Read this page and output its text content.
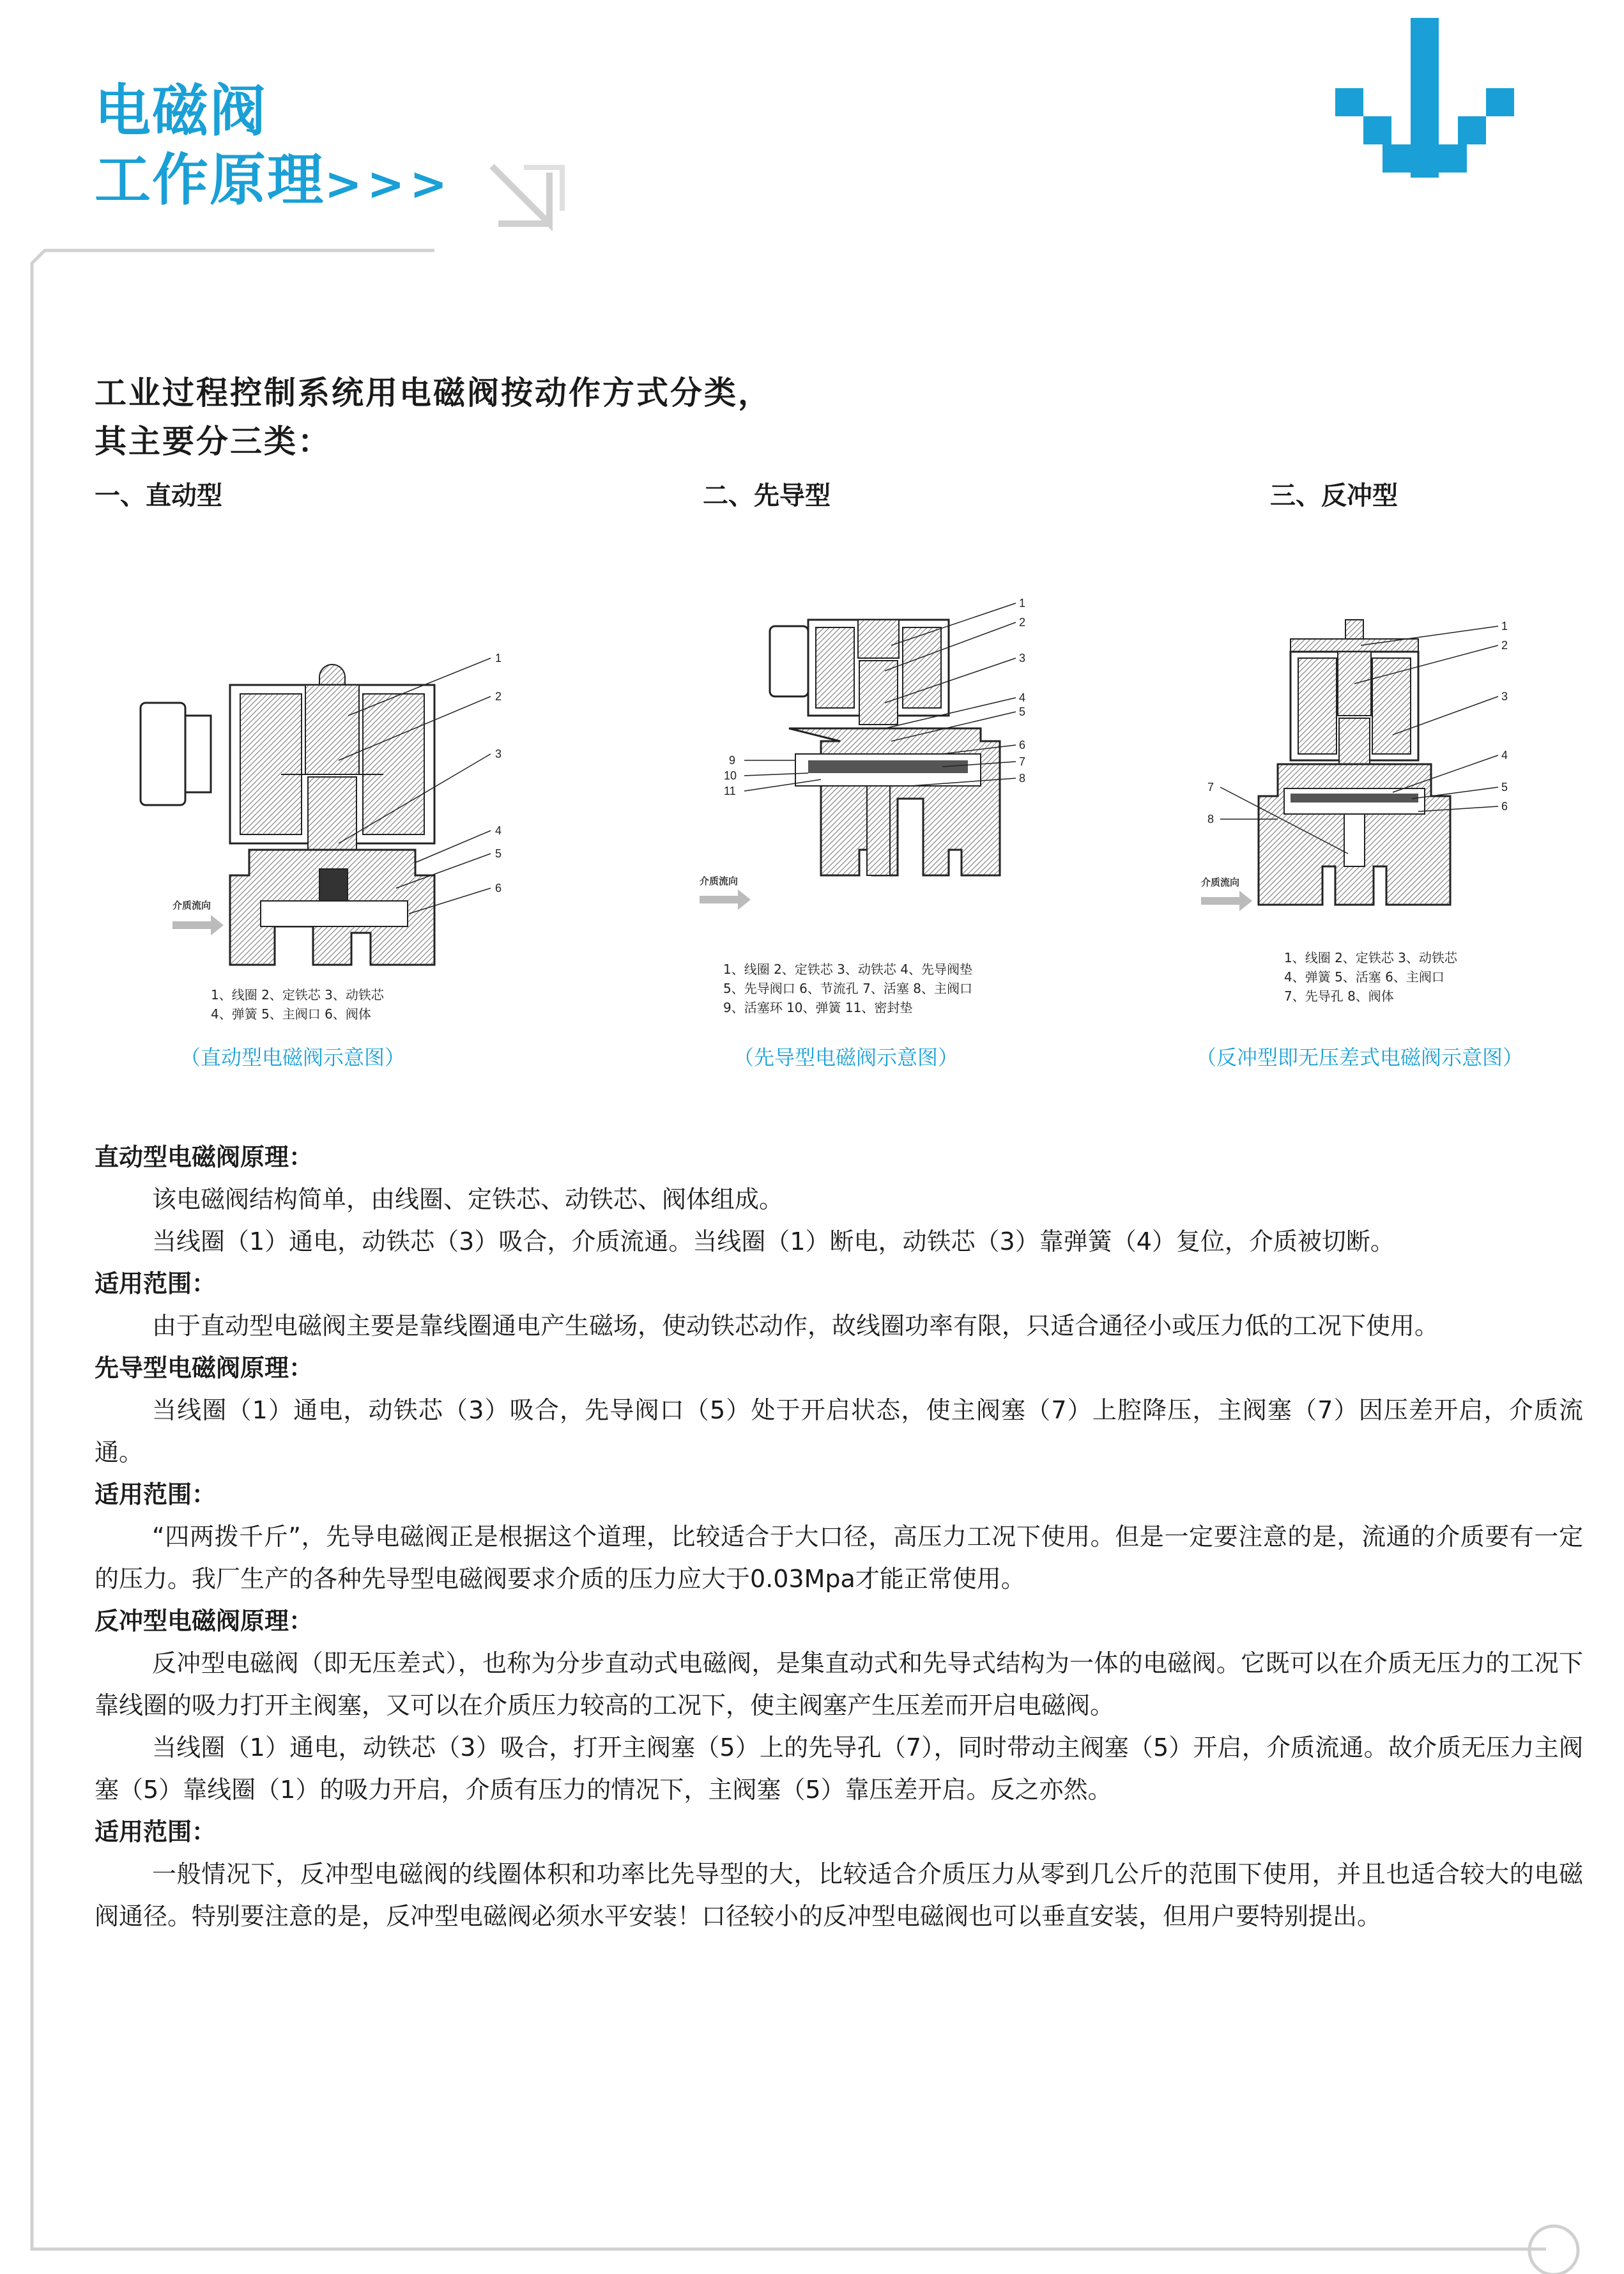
电磁阀
工作原理>>>
工业过程控制系统用电磁阀按动作方式分类，
其主要分三类：
一、直动型	二、先导型	三、反冲型
1
2
3
4
5
6
介质流向
1、线圈 2、定铁芯 3、动铁芯
4、弹簧 5、主阀口 6、阀体
（直动型电磁阀示意图）
1
2
3
4
5
6
7
8
9
10
11
介质流向
1、线圈 2、定铁芯 3、动铁芯 4、先导阀垫
5、先导阀口 6、节流孔 7、活塞 8、主阀口
9、活塞环 10、弹簧 11、密封垫
（先导型电磁阀示意图）
1
2
3
4
5
6
7
8
介质流向
1、线圈 2、定铁芯 3、动铁芯
4、弹簧 5、活塞 6、主阀口
7、先导孔 8、阀体
（反冲型即无压差式电磁阀示意图）
直动型电磁阀原理：

该电磁阀结构简单，由线圈、定铁芯、动铁芯、阀体组成。

当线圈（1）通电，动铁芯（3）吸合，介质流通。当线圈（1）断电，动铁芯（3）靠弹簧（4）复位，介质被切断。

适用范围：

由于直动型电磁阀主要是靠线圈通电产生磁场，使动铁芯动作，故线圈功率有限，只适合通径小或压力低的工况下使用。

先导型电磁阀原理：

当线圈（1）通电，动铁芯（3）吸合，先导阀口（5）处于开启状态，使主阀塞（7）上腔降压，主阀塞（7）因压差开启，介质流通。

适用范围：

“四两拨千斤”，先导电磁阀正是根据这个道理，比较适合于大口径，高压力工况下使用。但是一定要注意的是，流通的介质要有一定的压力。我厂生产的各种先导型电磁阀要求介质的压力应大于0.03Mpa才能正常使用。

反冲型电磁阀原理：

反冲型电磁阀（即无压差式），也称为分步直动式电磁阀，是集直动式和先导式结构为一体的电磁阀。它既可以在介质无压力的工况下靠线圈的吸力打开主阀塞，又可以在介质压力较高的工况下，使主阀塞产生压差而开启电磁阀。

当线圈（1）通电，动铁芯（3）吸合，打开主阀塞（5）上的先导孔（7），同时带动主阀塞（5）开启，介质流通。故介质无压力主阀塞（5）靠线圈（1）的吸力开启，介质有压力的情况下，主阀塞（5）靠压差开启。反之亦然。

适用范围：

一般情况下，反冲型电磁阀的线圈体积和功率比先导型的大，比较适合介质压力从零到几公斤的范围下使用，并且也适合较大的电磁阀通径。特别要注意的是，反冲型电磁阀必须水平安装！口径较小的反冲型电磁阀也可以垂直安装，但用户要特别提出。
